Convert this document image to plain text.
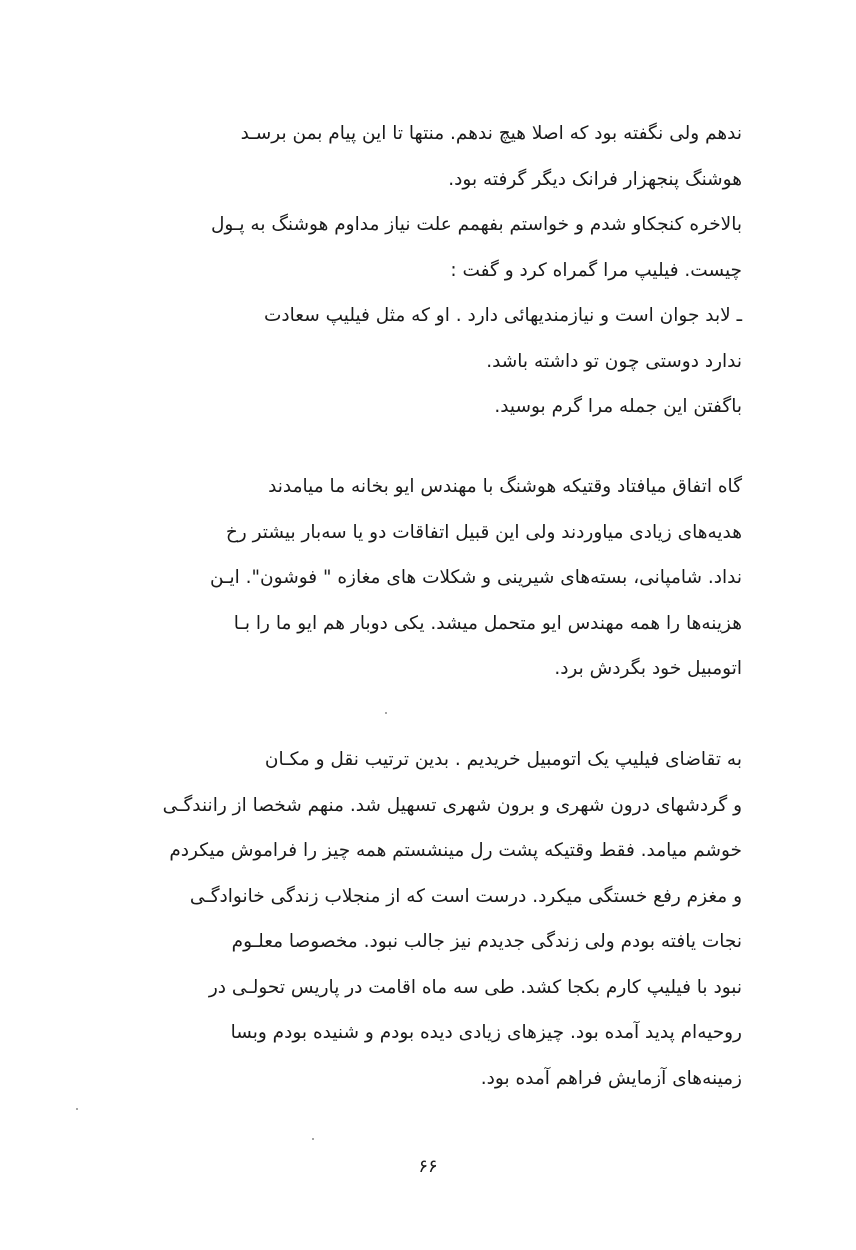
ندهم ولی نگفته بود که اصلا هیچ ندهم. منتها تا این پیام بمن برسـد
هوشنگ پنجهزار فرانک دیگر گرفته بود.
بالاخره کنجکاو شدم و خواستم بفهمم علت نیاز مداوم هوشنگ به پـول
چیست. فیلیپ مرا گمراه کرد و گفت :
ـ لابد جوان است و نیازمندیهائی دارد . او که مثل فیلیپ سعادت
ندارد دوستی چون تو داشته باشد.
باگفتن این جمله مرا گرم بوسید.

گاه اتفاق میافتاد وقتیکه هوشنگ با مهندس ایو بخانه ما میامدند
هدیه‌های زیادی میاوردند ولی این قبیل اتفاقات دو یا سه‌بار بیشتر رخ
نداد. شامپانی، بسته‌های شیرینی و شکلات های مغازه " فوشون". ایـن
هزینه‌ها را همه مهندس ایو متحمل میشد. یکی دوبار هم ایو ما را بـا
اتومبیل خود بگردش برد.

به تقاضای فیلیپ یک اتومبیل خریدیم . بدین ترتیب نقل و مکـان
و گردشهای درون شهری و برون شهری تسهیل شد. منهم شخصا از رانندگـی
خوشم میامد. فقط وقتیکه پشت رل مینشستم همه چیز را فراموش میکردم
و مغزم رفع خستگی میکرد. درست است که از منجلاب زندگی خانوادگـی
نجات یافته بودم ولی زندگی جدیدم نیز جالب نبود. مخصوصا معلـوم
نبود با فیلیپ کارم بکجا کشد. طی سه ماه اقامت در پاریس تحولـی در
روحیه‌ام پدید آمده بود. چیزهای زیادی دیده بودم و شنیده بودم وبسا
زمینه‌های آزمایش فراهم آمده بود.

۶۶
